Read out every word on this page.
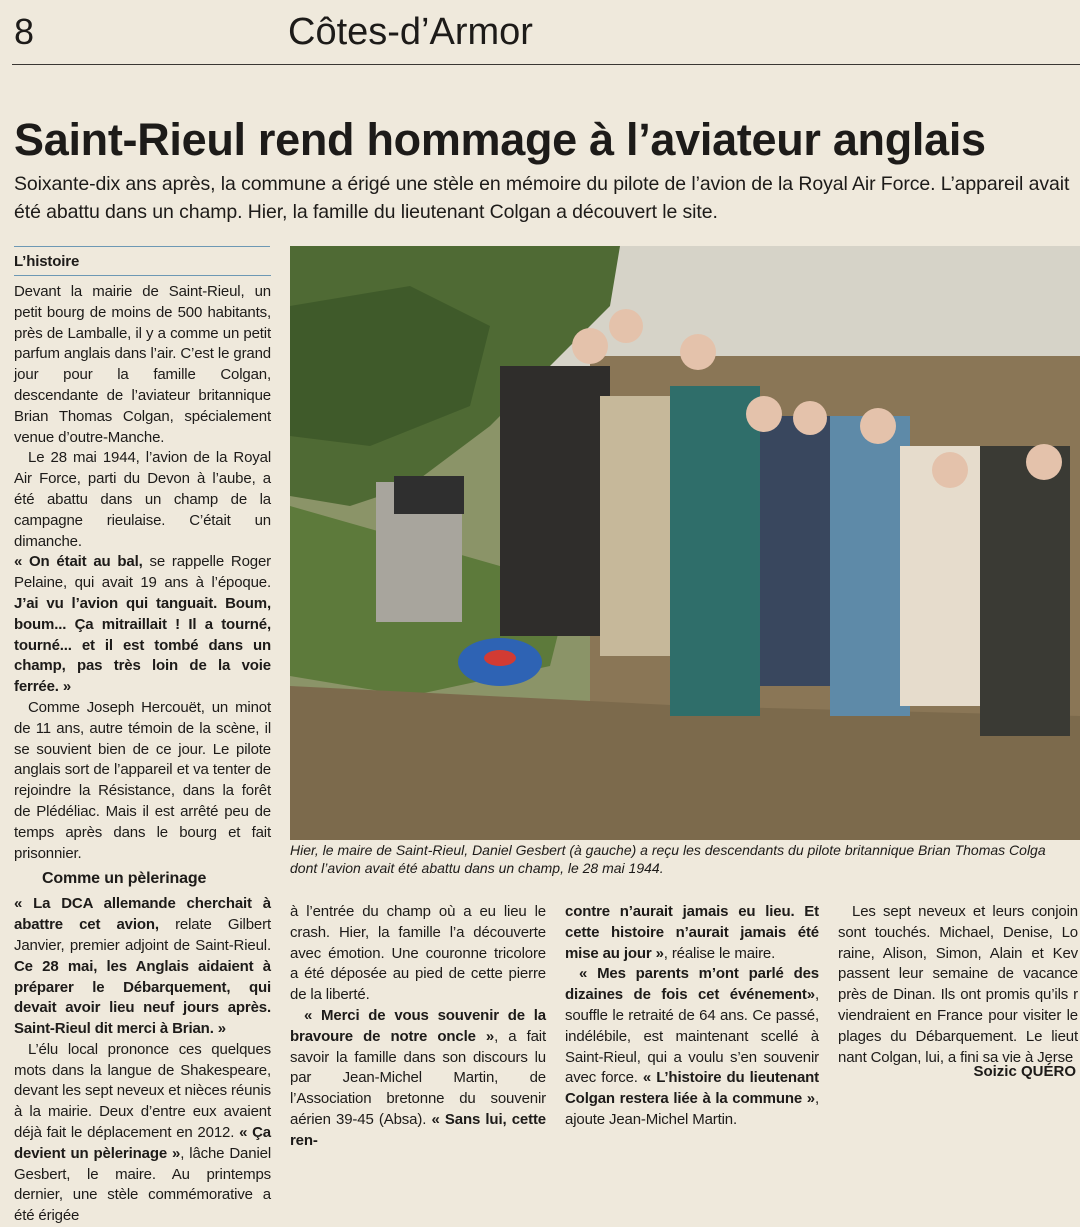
8	Côtes-d’Armor
Saint-Rieul rend hommage à l’aviateur anglais

Soixante-dix ans après, la commune a érigé une stèle en mémoire du pilote de l’avion de la Royal Air Force. L’appareil avait été abattu dans un champ. Hier, la famille du lieutenant Colgan a découvert le site.

L’histoire

Devant la mairie de Saint-Rieul, un petit bourg de moins de 500 habitants, près de Lamballe, il y a comme un petit parfum anglais dans l’air. C’est le grand jour pour la famille Colgan, descendante de l’aviateur britannique Brian Thomas Colgan, spécialement venue d’outre-Manche.

Le 28 mai 1944, l’avion de la Royal Air Force, parti du Devon à l’aube, a été abattu dans un champ de la campagne rieulaise. C’était un dimanche.

« On était au bal, se rappelle Roger Pelaine, qui avait 19 ans à l’époque. J’ai vu l’avion qui tanguait. Boum, boum... Ça mitraillait ! Il a tourné, tourné... et il est tombé dans un champ, pas très loin de la voie ferrée. »

Comme Joseph Hercouët, un minot de 11 ans, autre témoin de la scène, il se souvient bien de ce jour. Le pilote anglais sort de l’appareil et va tenter de rejoindre la Résistance, dans la forêt de Plédéliac. Mais il est arrêté peu de temps après dans le bourg et fait prisonnier.

Comme un pèlerinage

« La DCA allemande cherchait à abattre cet avion, relate Gilbert Janvier, premier adjoint de Saint-Rieul. Ce 28 mai, les Anglais aidaient à préparer le Débarquement, qui devait avoir lieu neuf jours après. Saint-Rieul dit merci à Brian. »

L’élu local prononce ces quelques mots dans la langue de Shakespeare, devant les sept neveux et nièces réunis à la mairie. Deux d’entre eux avaient déjà fait le déplacement en 2012. « Ça devient un pèlerinage », lâche Daniel Gesbert, le maire. Au printemps dernier, une stèle commémorative a été érigée

Hier, le maire de Saint-Rieul, Daniel Gesbert (à gauche) a reçu les descendants du pilote britannique Brian Thomas Colga
dont l’avion avait été abattu dans un champ, le 28 mai 1944.

à l’entrée du champ où a eu lieu le crash. Hier, la famille l’a découverte avec émotion. Une couronne tricolore a été déposée au pied de cette pierre de la liberté.

« Merci de vous souvenir de la bravoure de notre oncle », a fait savoir la famille dans son discours lu par Jean-Michel Martin, de l’Association bretonne du souvenir aérien 39-45 (Absa). « Sans lui, cette ren-

contre n’aurait jamais eu lieu. Et cette histoire n’aurait jamais été mise au jour », réalise le maire.

« Mes parents m’ont parlé des dizaines de fois cet événement», souffle le retraité de 64 ans. Ce passé, indélébile, est maintenant scellé à Saint-Rieul, qui a voulu s’en souvenir avec force. « L’histoire du lieutenant Colgan restera liée à la commune », ajoute Jean-Michel Martin.

Les sept neveux et leurs conjoin sont touchés. Michael, Denise, Lo raine, Alison, Simon, Alain et Kev passent leur semaine de vacance près de Dinan. Ils ont promis qu’ils r viendraient en France pour visiter le plages du Débarquement. Le lieut nant Colgan, lui, a fini sa vie à Jerse

Soizic QUÉRO
